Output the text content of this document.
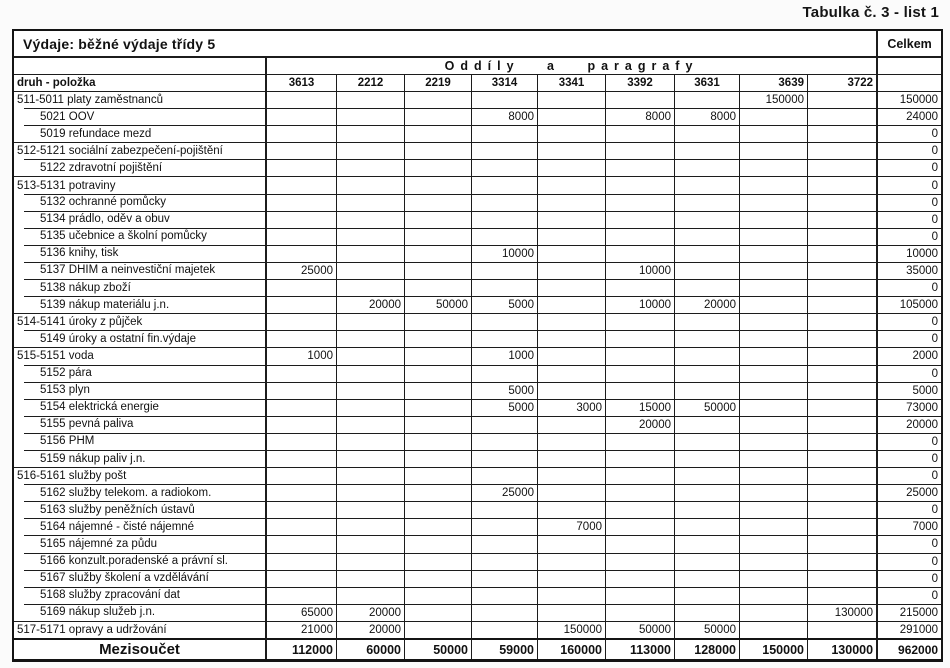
Tabulka č. 3 - list 1
Výdaje: běžné výdaje třídy 5										Celkem
	Oddíly a paragrafy									
druh - položka	3613	2212	2219	3314	3341	3392	3631	3639	3722	
511-5011 platy zaměstnanců								150000		150000
5021 OOV				8000		8000	8000			24000
5019 refundace mezd										0
512-5121 sociální zabezpečení-pojištění										0
5122 zdravotní pojištění										0
513-5131 potraviny										0
5132 ochranné pomůcky										0
5134 prádlo, oděv a obuv										0
5135 učebnice a školní pomůcky										0
5136 knihy, tisk				10000						10000
5137 DHIM a neinvestiční majetek	25000					10000				35000
5138 nákup zboží										0
5139 nákup materiálu j.n.		20000	50000	5000		10000	20000			105000
514-5141 úroky z půjček										0
5149 úroky a ostatní fin.výdaje										0
515-5151 voda	1000			1000						2000
5152 pára										0
5153 plyn				5000						5000
5154 elektrická energie				5000	3000	15000	50000			73000
5155 pevná paliva						20000				20000
5156 PHM										0
5159 nákup paliv j.n.										0
516-5161 služby pošt										0
5162 služby telekom. a radiokom.				25000						25000
5163 služby peněžních ústavů										0
5164 nájemné - čisté nájemné					7000					7000
5165 nájemné za půdu										0
5166 konzult.poradenské a právní sl.										0
5167 služby školení a vzdělávání										0
5168 služby zpracování dat										0
5169 nákup služeb j.n.	65000	20000							130000	215000
517-5171 opravy a udržování	21000	20000			150000	50000	50000			291000
Mezisoučet	112000	60000	50000	59000	160000	113000	128000	150000	130000	962000
